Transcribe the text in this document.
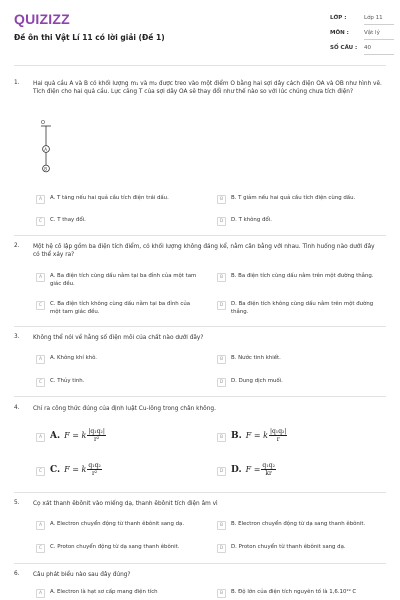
QUIZIZZ
Đề ôn thi Vật Lí 11 có lời giải (Đề 1)
LỚP :	Lớp 11
MÔN :	Vật lý
SỐ CÂU :	40
1. Hai quả cầu A và B có khối lượng m₁ và m₂ được treo vào một điểm O bằng hai sợi dây cách điện OA và OB như hình vẽ. Tích điện cho hai quả cầu. Lực căng T của sợi dây OA sẽ thay đổi như thế nào so với lúc chúng chưa tích điện?
O
A
B
A	A. T tăng nếu hai quả cầu tích điện trái dấu.	B	B. T giảm nếu hai quả cầu tích điện cùng dấu.
C	C. T thay đổi.	D	D. T không đổi.
2. Một hệ cô lập gồm ba điện tích điểm, có khối lượng không đáng kể, nằm cân bằng với nhau. Tình huống nào dưới đây có thể xảy ra?
A	A. Ba điện tích cùng dấu nằm tại ba đỉnh của một tam giác đều.
B	B. Ba điện tích cùng dấu nằm trên một đường thẳng.
C	C. Ba điện tích không cùng dấu nằm tại ba đỉnh của một tam giác đều.
D	D. Ba điện tích không cùng dấu nằm trên một đường thẳng.
3. Không thể nói về hằng số điện môi của chất nào dưới đây?
A	A. Không khí khô.	B	B. Nước tinh khiết.
C	C. Thủy tinh.	D	D. Dung dịch muối.
4. Chỉ ra công thức đúng của định luật Cu-lông trong chân không.
A A. F = k $\frac{\text{|q₁q₂|}}{\text{r²}}$	B B. F = k $\frac{\text{|q₁q₂|}}{r}$
C C. F = k $\frac{\text{q₁q₂}}{\text{r²}}$	D D. $F = \frac{\text{q₁q₂}}{kr}$
5. Cọ xát thanh êbônit vào miếng dạ, thanh êbônit tích điện âm vì
A	A. Electron chuyển động từ thanh êbônit sang dạ.	B	B. Electron chuyển động từ dạ sang thanh êbônit.
C	C. Proton chuyển động từ dạ sang thanh êbônit.	D	D. Proton chuyển từ thanh êbônit sang dạ.
6. Câu phát biểu nào sau đây đúng?
A	A. Electron là hạt sơ cấp mang điện tích	B	B. Độ lớn của điện tích nguyên tố là 1,6.10¹⁹ C
